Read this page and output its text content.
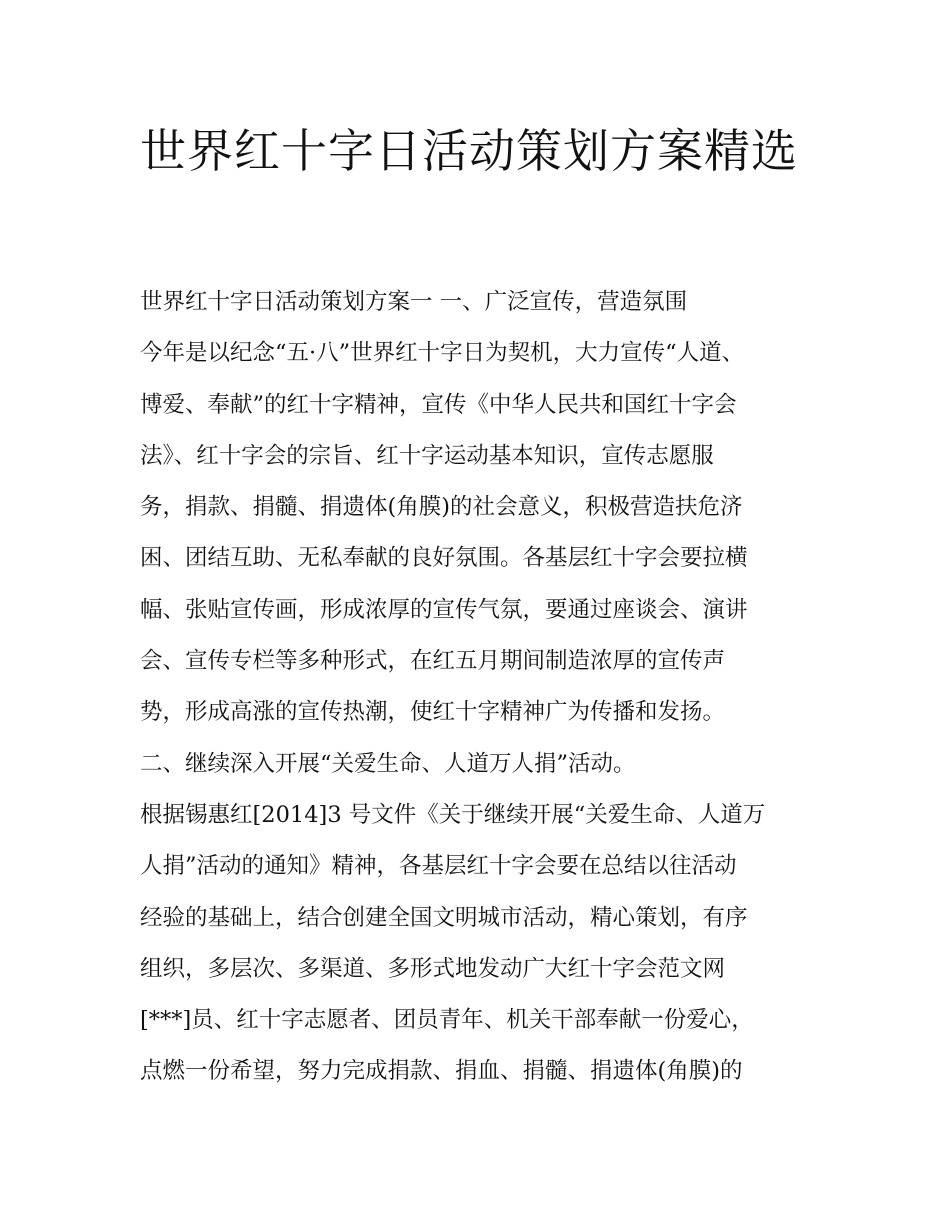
世界红十字日活动策划方案精选
世界红十字日活动策划方案一 一、广泛宣传，营造氛围
今年是以纪念“五·八”世界红十字日为契机，大力宣传“人道、
博爱、奉献”的红十字精神，宣传《中华人民共和国红十字会
法》、红十字会的宗旨、红十字运动基本知识，宣传志愿服
务，捐款、捐髓、捐遗体(角膜)的社会意义，积极营造扶危济
困、团结互助、无私奉献的良好氛围。各基层红十字会要拉横
幅、张贴宣传画，形成浓厚的宣传气氛，要通过座谈会、演讲
会、宣传专栏等多种形式，在红五月期间制造浓厚的宣传声
势，形成高涨的宣传热潮，使红十字精神广为传播和发扬。
二、继续深入开展“关爱生命、人道万人捐”活动。
根据锡惠红[2014]3 号文件《关于继续开展“关爱生命、人道万
人捐”活动的通知》精神，各基层红十字会要在总结以往活动
经验的基础上，结合创建全国文明城市活动，精心策划，有序
组织，多层次、多渠道、多形式地发动广大红十字会范文网
[***]员、红十字志愿者、团员青年、机关干部奉献一份爱心，
点燃一份希望，努力完成捐款、捐血、捐髓、捐遗体(角膜)的
